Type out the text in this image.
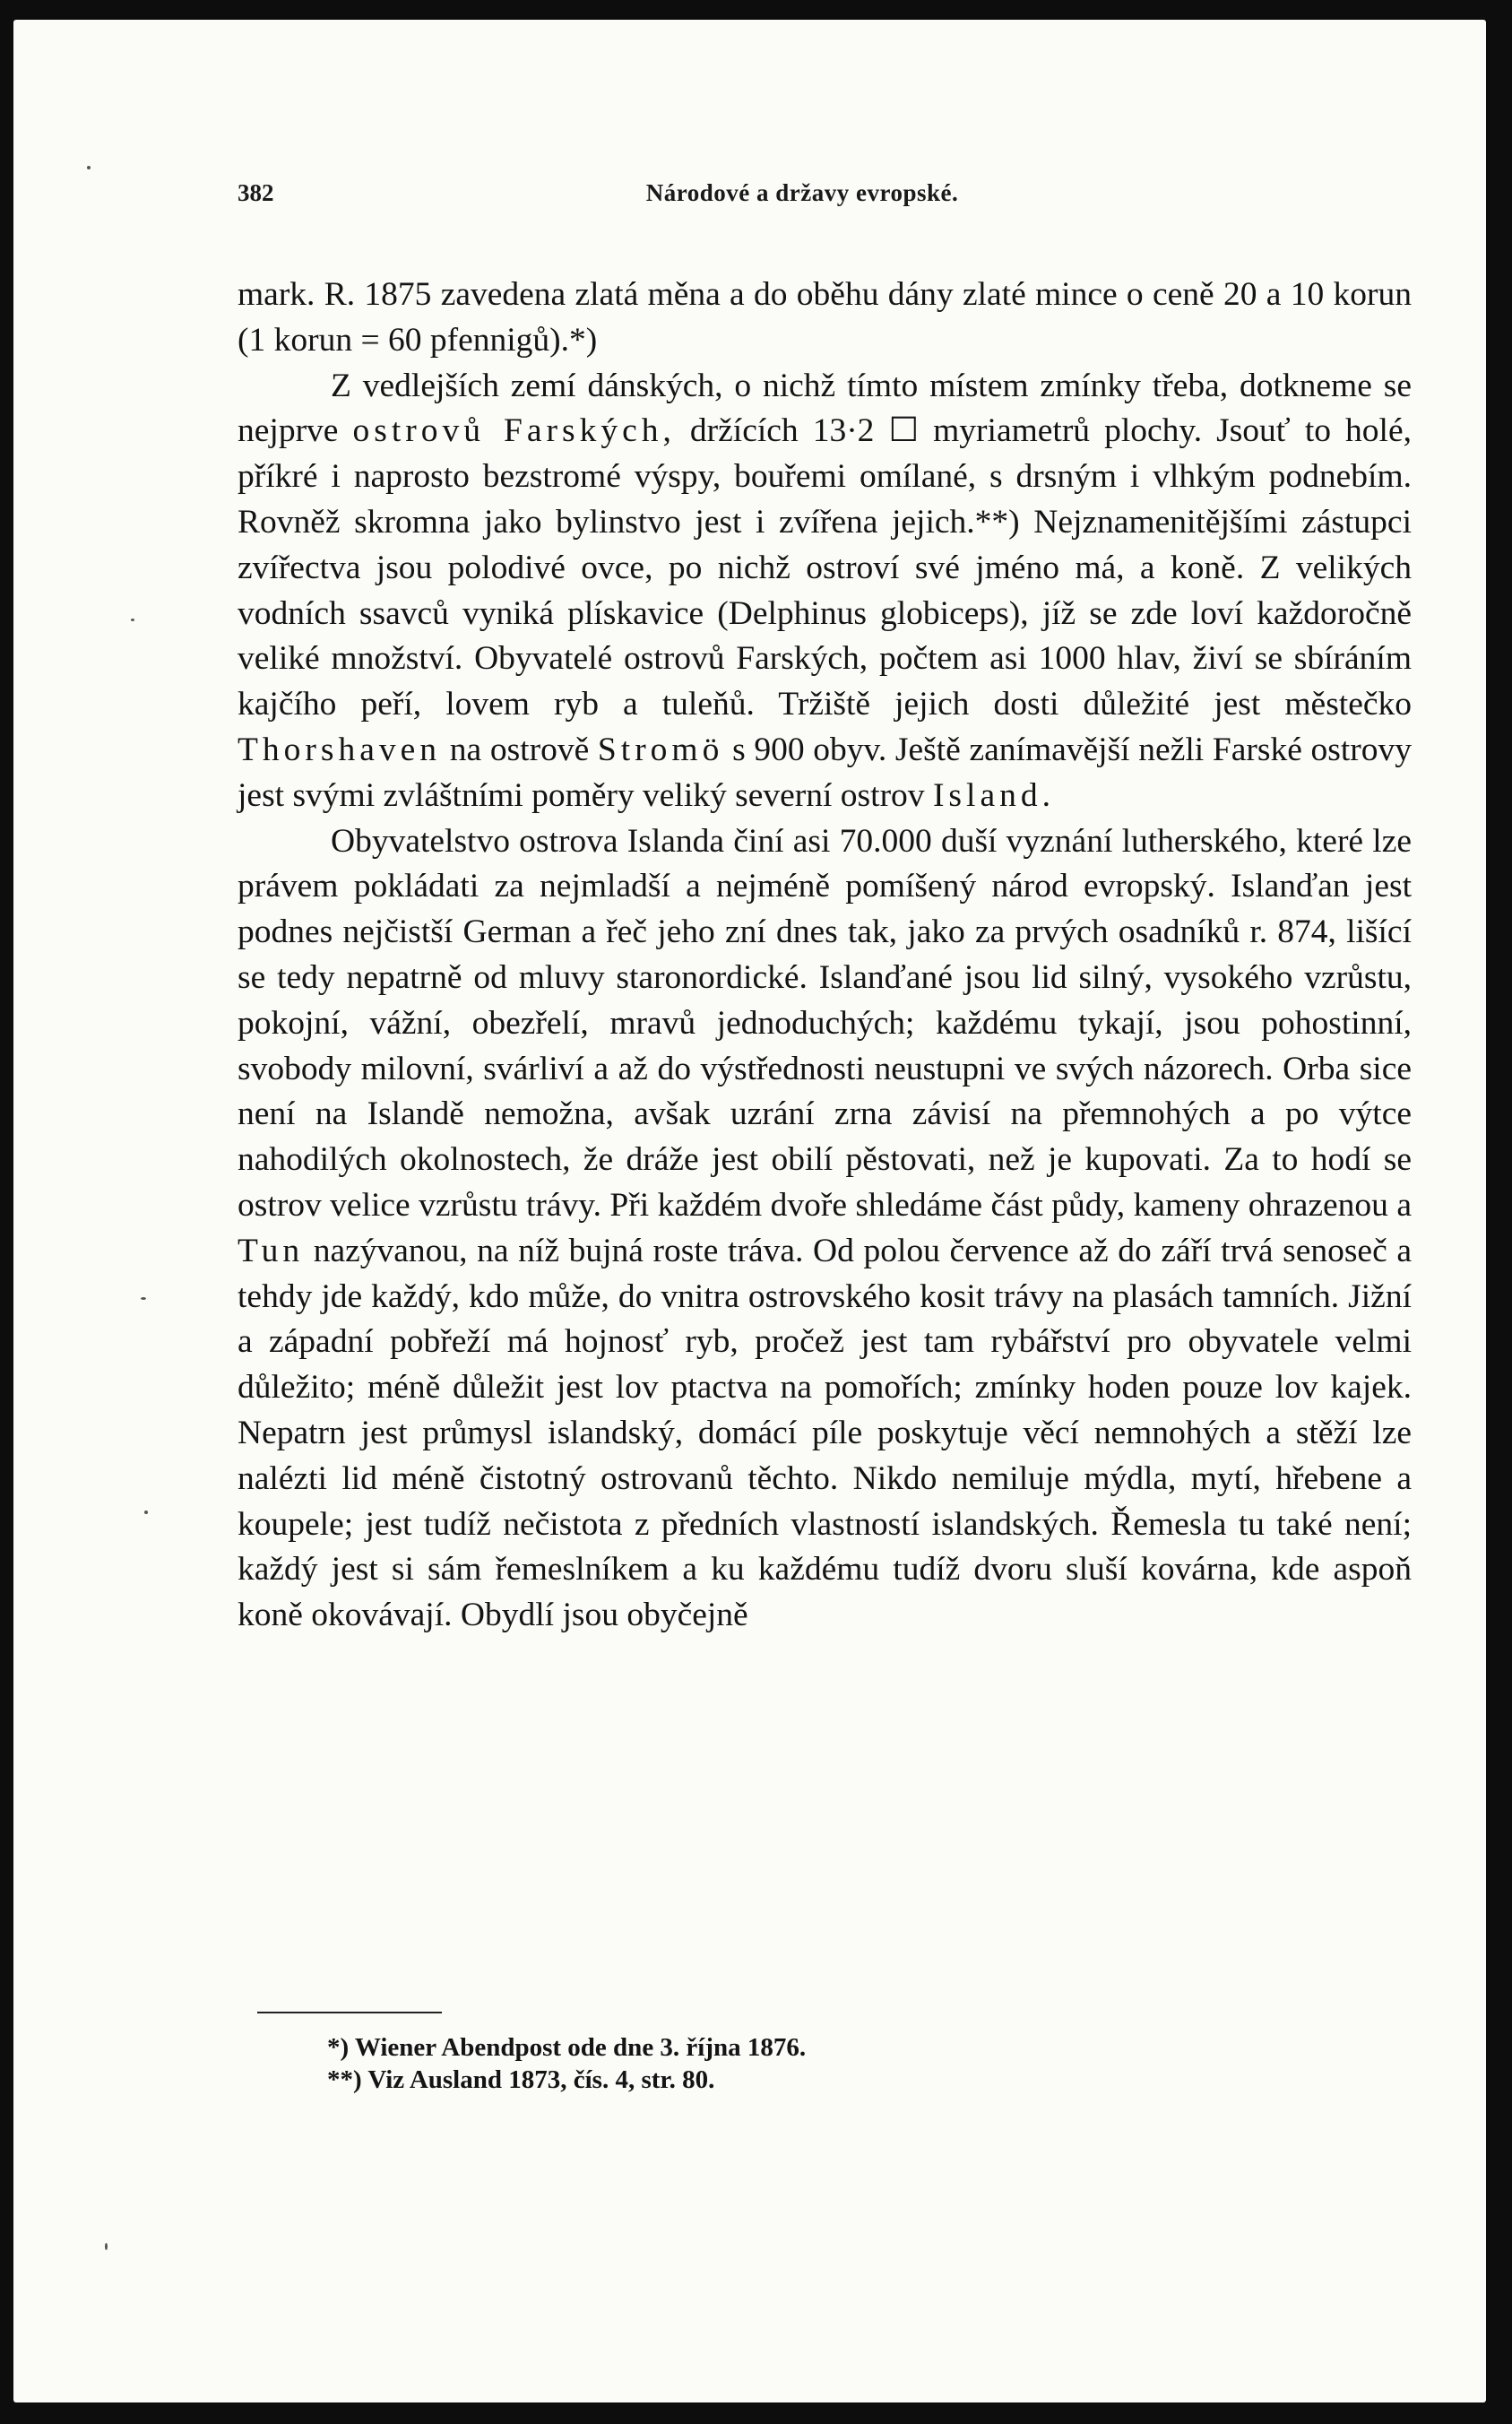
382	Národové a državy evropské.

mark. R. 1875 zavedena zlatá měna a do oběhu dány zlaté mince o ceně 20 a 10 korun (1 korun = 60 pfennigů).*)

Z vedlejších zemí dánských, o nichž tímto místem zmínky třeba, dotkneme se nejprve ostrovů Farských, držících 13·2 ☐ myriametrů plochy. Jsouť to holé, příkré i naprosto bezstromé výspy, bouřemi omílané, s drsným i vlhkým podnebím. Rovněž skromna jako bylinstvo jest i zvířena jejich.**) Nejznamenitějšími zástupci zvířectva jsou polodivé ovce, po nichž ostroví své jméno má, a koně. Z velikých vodních ssavců vyniká plískavice (Delphinus globiceps), jíž se zde loví každoročně veliké množství. Obyvatelé ostrovů Farských, počtem asi 1000 hlav, živí se sbíráním kajčího peří, lovem ryb a tuleňů. Tržiště jejich dosti důležité jest městečko Thorshaven na ostrově Stromö s 900 obyv. Ještě zanímavější nežli Farské ostrovy jest svými zvláštními poměry veliký severní ostrov Island.

Obyvatelstvo ostrova Islanda činí asi 70.000 duší vyznání lutherského, které lze právem pokládati za nejmladší a nejméně pomíšený národ evropský. Islanďan jest podnes nejčistší German a řeč jeho zní dnes tak, jako za prvých osadníků r. 874, lišící se tedy nepatrně od mluvy staronordické. Islanďané jsou lid silný, vysokého vzrůstu, pokojní, vážní, obezřelí, mravů jednoduchých; každému tykají, jsou pohostinní, svobody milovní, svárliví a až do výstřednosti neustupni ve svých názorech. Orba sice není na Islandě nemožna, avšak uzrání zrna závisí na přemnohých a po výtce nahodilých okolnostech, že dráže jest obilí pěstovati, než je kupovati. Za to hodí se ostrov velice vzrůstu trávy. Při každém dvoře shledáme část půdy, kameny ohrazenou a Tun nazývanou, na níž bujná roste tráva. Od polou července až do září trvá senoseč a tehdy jde každý, kdo může, do vnitra ostrovského kosit trávy na plasách tamních. Jižní a západní pobřeží má hojnosť ryb, pročež jest tam rybářství pro obyvatele velmi důležito; méně důležit jest lov ptactva na pomořích; zmínky hoden pouze lov kajek. Nepatrn jest průmysl islandský, domácí píle poskytuje věcí nemnohých a stěží lze nalézti lid méně čistotný ostrovanů těchto. Nikdo nemiluje mýdla, mytí, hřebene a koupele; jest tudíž nečistota z předních vlastností islandských. Řemesla tu také není; každý jest si sám řemeslníkem a ku každému tudíž dvoru sluší kovárna, kde aspoň koně okovávají. Obydlí jsou obyčejně

*) Wiener Abendpost ode dne 3. října 1876.
**) Viz Ausland 1873, čís. 4, str. 80.
